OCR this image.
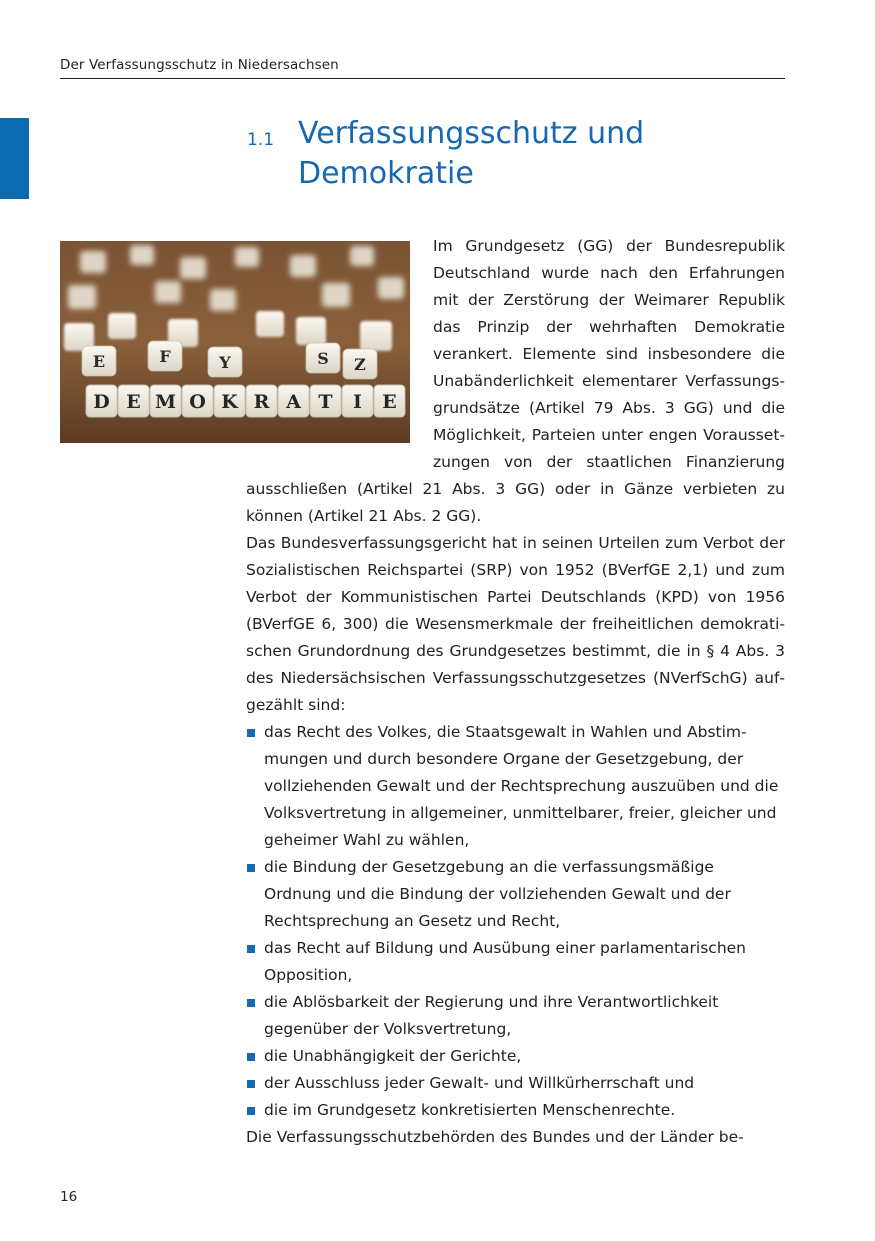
Der Verfassungsschutz in Niedersachsen
1.1 Verfassungsschutz und
Demokratie
E	F	Y	S Z
D E M O K R A T I E

Im Grundgesetz (GG) der Bundesrepublik Deutschland wurde nach den Erfahrungen mit der Zerstörung der Weimarer Republik das Prinzip der wehrhaften Demokratie verankert. Elemente sind insbesondere die Unabänderlichkeit elementarer Verfassungsgrundsätze (Artikel 79 Abs. 3 GG) und die Möglichkeit, Parteien unter engen Voraussetzungen von der staatlichen Finanzierung ausschließen (Artikel 21 Abs. 3 GG) oder in Gänze verbieten zu können (Artikel 21 Abs. 2 GG).

Das Bundesverfassungsgericht hat in seinen Urteilen zum Verbot der Sozialistischen Reichspartei (SRP) von 1952 (BVerfGE 2,1) und zum Verbot der Kommunistischen Partei Deutschlands (KPD) von 1956 (BVerfGE 6, 300) die Wesensmerkmale der freiheitlichen demokratischen Grundordnung des Grundgesetzes bestimmt, die in § 4 Abs. 3 des Niedersächsischen Verfassungsschutzgesetzes (NVerfSchG) aufgezählt sind:

das Recht des Volkes, die Staatsgewalt in Wahlen und Abstimmungen und durch besondere Organe der Gesetzgebung, der vollziehenden Gewalt und der Rechtsprechung auszuüben und die Volksvertretung in allgemeiner, unmittelbarer, freier, gleicher und geheimer Wahl zu wählen,
die Bindung der Gesetzgebung an die verfassungsmäßige Ordnung und die Bindung der vollziehenden Gewalt und der Rechtsprechung an Gesetz und Recht,
das Recht auf Bildung und Ausübung einer parlamentarischen Opposition,
die Ablösbarkeit der Regierung und ihre Verantwortlichkeit gegenüber der Volksvertretung,
die Unabhängigkeit der Gerichte,
der Ausschluss jeder Gewalt- und Willkürherrschaft und
die im Grundgesetz konkretisierten Menschenrechte.

Die Verfassungsschutzbehörden des Bundes und der Länder be-

16
